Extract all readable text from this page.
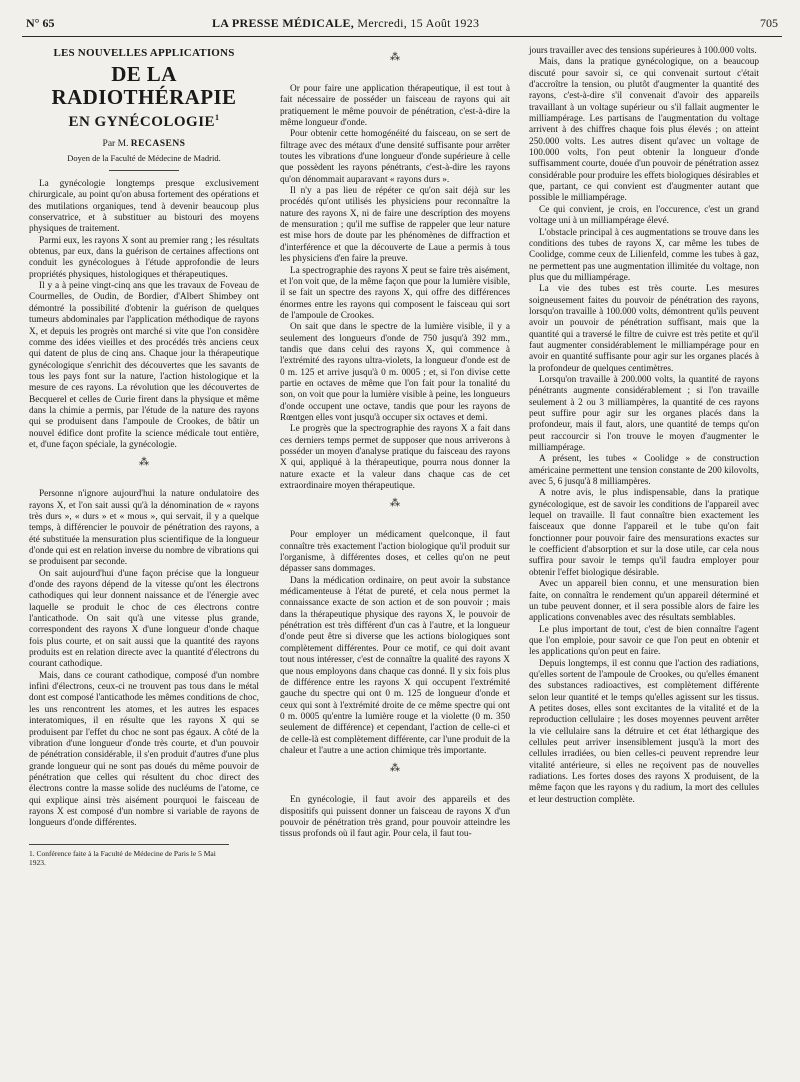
N° 65	LA PRESSE MÉDICALE, Mercredi, 15 Août 1923	705
LES NOUVELLES APPLICATIONS
DE LA RADIOTHÉRAPIE
EN GYNÉCOLOGIE$^1$
Par M. RECASENS
Doyen de la Faculté de Médecine de Madrid.

La gynécologie longtemps presque exclusivement chirurgicale, au point qu'on abusa fortement des opérations et des mutilations organiques, tend à devenir beaucoup plus conservatrice, et à substituer au bistouri des moyens physiques de traitement.

Parmi eux, les rayons X sont au premier rang ; les résultats obtenus, par eux, dans la guérison de certaines affections ont conduit les gynécologues à l'étude approfondie de leurs propriétés physiques, histologiques et thérapeutiques.

Il y a à peine vingt-cinq ans que les travaux de Foveau de Courmelles, de Oudin, de Bordier, d'Albert Shimbey ont démontré la possibilité d'obtenir la guérison de quelques tumeurs abdominales par l'application méthodique de rayons X, et depuis les progrès ont marché si vite que l'on considère comme des idées vieilles et des procédés très anciens ceux qui datent de plus de cinq ans. Chaque jour la thérapeutique gynécologique s'enrichit des découvertes que les savants de tous les pays font sur la nature, l'action histologique et la mesure de ces rayons. La révolution que les découvertes de Becquerel et celles de Curie firent dans la physique et même dans la chimie a permis, par l'étude de la nature des rayons qui se produisent dans l'ampoule de Crookes, de bâtir un nouvel édifice dont profite la science médicale tout entière, et, d'une façon spéciale, la gynécologie.

⁂

Personne n'ignore aujourd'hui la nature ondulatoire des rayons X, et l'on sait aussi qu'à la dénomination de « rayons très durs », « durs » et « mous », qui servait, il y a quelque temps, à différencier le pouvoir de pénétration des rayons, a été substituée la mensuration plus scientifique de la longueur d'onde qui est en relation inverse du nombre de vibrations qui se produisent par seconde.

On sait aujourd'hui d'une façon précise que la longueur d'onde des rayons dépend de la vitesse qu'ont les électrons cathodiques qui leur donnent naissance et de l'énergie avec laquelle se produit le choc de ces électrons contre l'anticathode. On sait qu'à une vitesse plus grande, correspondent des rayons X d'une longueur d'onde chaque fois plus courte, et on sait aussi que la quantité des rayons produits est en relation directe avec la quantité d'électrons du courant cathodique.

Mais, dans ce courant cathodique, composé d'un nombre infini d'électrons, ceux-ci ne trouvent pas tous dans le métal dont est composé l'anticathode les mêmes conditions de choc, les uns rencontrent les atomes, et les autres les espaces interatomiques, il en résulte que les rayons X qui se produisent par l'effet du choc ne sont pas égaux. A côté de la vibration d'une longueur d'onde très courte, et d'un pouvoir de pénétration considérable, il s'en produit d'autres d'une plus grande longueur qui ne sont pas doués du même pouvoir de pénétration que celles qui résultent du choc direct des électrons contre la masse solide des nucléums de l'atome, ce qui explique ainsi très aisément pourquoi le faisceau de rayons X est composé d'un nombre si variable de rayons de longueurs d'onde différentes.

1. Conférence faite à la Faculté de Médecine de Paris le 5 Mai 1923.

⁂

Or pour faire une application thérapeutique, il est tout à fait nécessaire de posséder un faisceau de rayons qui ait pratiquement le même pouvoir de pénétration, c'est-à-dire la même longueur d'onde.

Pour obtenir cette homogénéité du faisceau, on se sert de filtrage avec des métaux d'une densité suffisante pour arrêter toutes les vibrations d'une longueur d'onde supérieure à celle que possèdent les rayons pénétrants, c'est-à-dire les rayons qu'on dénommait auparavant « rayons durs ».

Il n'y a pas lieu de répéter ce qu'on sait déjà sur les procédés qu'ont utilisés les physiciens pour reconnaître la nature des rayons X, ni de faire une description des moyens de mensuration ; qu'il me suffise de rappeler que leur nature est mise hors de doute par les phénomènes de diffraction et d'interférence et que la découverte de Laue a permis à tous les physiciens d'en faire la preuve.

La spectrographie des rayons X peut se faire très aisément, et l'on voit que, de la même façon que pour la lumière visible, il se fait un spectre des rayons X, qui offre des différences énormes entre les rayons qui composent le faisceau qui sort de l'ampoule de Crookes.

On sait que dans le spectre de la lumière visible, il y a seulement des longueurs d'onde de 750 jusqu'à 392 mm., tandis que dans celui des rayons X, qui commence à l'extrémité des rayons ultra-violets, la longueur d'onde est de 0 m. 125 et arrive jusqu'à 0 m. 0005 ; et, si l'on divise cette partie en octaves de même que l'on fait pour la tonalité du son, on voit que pour la lumière visible à peine, les longueurs d'onde occupent une octave, tandis que pour les rayons de Rœntgen elles vont jusqu'à occuper six octaves et demi.

Le progrès que la spectrographie des rayons X a fait dans ces derniers temps permet de supposer que nous arriverons à posséder un moyen d'analyse pratique du faisceau des rayons X qui, appliqué à la thérapeutique, pourra nous donner la nature exacte et la valeur dans chaque cas de cet extraordinaire moyen thérapeutique.

⁂

Pour employer un médicament quelconque, il faut connaître très exactement l'action biologique qu'il produit sur l'organisme, à différentes doses, et celles qu'on ne peut dépasser sans dommages.

Dans la médication ordinaire, on peut avoir la substance médicamenteuse à l'état de pureté, et cela nous permet la connaissance exacte de son action et de son pouvoir ; mais dans la thérapeutique physique des rayons X, le pouvoir de pénétration est très différent d'un cas à l'autre, et la longueur d'onde peut être si diverse que les actions biologiques sont complètement différentes. Pour ce motif, ce qui doit avant tout nous intéresser, c'est de connaître la qualité des rayons X que nous employons dans chaque cas donné. Il y six fois plus de différence entre les rayons X qui occupent l'extrémité gauche du spectre qui ont 0 m. 125 de longueur d'onde et ceux qui sont à l'extrémité droite de ce même spectre qui ont 0 m. 0005 qu'entre la lumière rouge et la violette (0 m. 350 seulement de différence) et cependant, l'action de celle-ci et de celle-là est complètement différente, car l'une produit de la chaleur et l'autre a une action chimique très importante.

⁂

En gynécologie, il faut avoir des appareils et des dispositifs qui puissent donner un faisceau de rayons X d'un pouvoir de pénétration très grand, pour pouvoir atteindre les tissus profonds où il faut agir. Pour cela, il faut tou-

jours travailler avec des tensions supérieures à 100.000 volts.

Mais, dans la pratique gynécologique, on a beaucoup discuté pour savoir si, ce qui convenait surtout c'était d'accroître la tension, ou plutôt d'augmenter la quantité des rayons, c'est-à-dire s'il convenait d'avoir des appareils travaillant à un voltage supérieur ou s'il fallait augmenter le milliampérage. Les partisans de l'augmentation du voltage arrivent à des chiffres chaque fois plus élevés ; on atteint 250.000 volts. Les autres disent qu'avec un voltage de 100.000 volts, l'on peut obtenir la longueur d'onde suffisamment courte, douée d'un pouvoir de pénétration assez considérable pour produire les effets biologiques désirables et que, partant, ce qui convient est d'augmenter autant que possible le milliampérage.

Ce qui convient, je crois, en l'occurence, c'est un grand voltage uni à un milliampérage élevé.

L'obstacle principal à ces augmentations se trouve dans les conditions des tubes de rayons X, car même les tubes de Coolidge, comme ceux de Lilienfeld, comme les tubes à gaz, ne permettent pas une augmentation illimitée du voltage, non plus que du milliampérage.

La vie des tubes est très courte. Les mesures soigneusement faites du pouvoir de pénétration des rayons, lorsqu'on travaille à 100.000 volts, démontrent qu'ils peuvent avoir un pouvoir de pénétration suffisant, mais que la quantité qui a traversé le filtre de cuivre est très petite et qu'il faut augmenter considérablement le milliampérage pour en avoir en quantité suffisante pour agir sur les organes placés à la profondeur de quelques centimètres.

Lorsqu'on travaille à 200.000 volts, la quantité de rayons pénétrants augmente considérablement ; si l'on travaille seulement à 2 ou 3 milliampères, la quantité de ces rayons peut suffire pour agir sur les organes placés dans la profondeur, mais il faut, alors, une quantité de temps qu'on peut raccourcir si l'on trouve le moyen d'augmenter le milliampérage.

A présent, les tubes « Coolidge » de construction américaine permettent une tension constante de 200 kilovolts, avec 5, 6 jusqu'à 8 milliampères.

A notre avis, le plus indispensable, dans la pratique gynécologique, est de savoir les conditions de l'appareil avec lequel on travaille. Il faut connaître bien exactement les faisceaux que donne l'appareil et le tube qu'on fait fonctionner pour pouvoir faire des mensurations exactes sur le coefficient d'absorption et sur la dose utile, car cela nous suffira pour savoir le temps qu'il faudra employer pour obtenir l'effet biologique désirable.

Avec un appareil bien connu, et une mensuration bien faite, on connaîtra le rendement qu'un appareil déterminé et un tube peuvent donner, et il sera possible alors de faire les applications convenables avec des résultats semblables.

Le plus important de tout, c'est de bien connaître l'agent que l'on emploie, pour savoir ce que l'on peut en obtenir et les applications qu'on peut en faire.

Depuis longtemps, il est connu que l'action des radiations, qu'elles sortent de l'ampoule de Crookes, ou qu'elles émanent des substances radioactives, est complètement différente selon leur quantité et le temps qu'elles agissent sur les tissus. A petites doses, elles sont excitantes de la vitalité et de la reproduction cellulaire ; les doses moyennes peuvent arrêter la vie cellulaire sans la détruire et cet état léthargique des cellules peut arriver insensiblement jusqu'à la mort des cellules irradiées, ou bien celles-ci peuvent reprendre leur vitalité antérieure, si elles ne reçoivent pas de nouvelles radiations. Les fortes doses des rayons X produisent, de la même façon que les rayons γ du radium, la mort des cellules et leur destruction complète.
